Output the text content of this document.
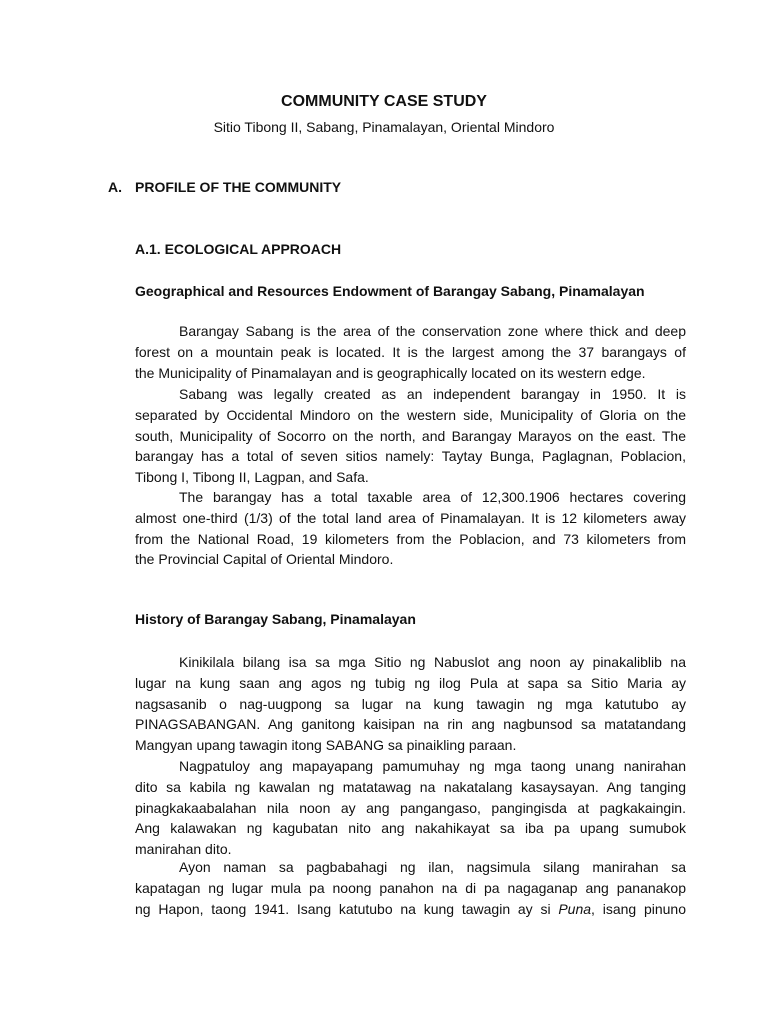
COMMUNITY CASE STUDY
Sitio Tibong II, Sabang, Pinamalayan, Oriental Mindoro
A. PROFILE OF THE COMMUNITY
A.1. ECOLOGICAL APPROACH
Geographical and Resources Endowment of Barangay Sabang, Pinamalayan
Barangay Sabang is the area of the conservation zone where thick and deep
forest on a mountain peak is located. It is the largest among the 37 barangays of
the Municipality of Pinamalayan and is geographically located on its western edge.
Sabang was legally created as an independent barangay in 1950. It is
separated by Occidental Mindoro on the western side, Municipality of Gloria on the
south, Municipality of Socorro on the north, and Barangay Marayos on the east. The
barangay has a total of seven sitios namely: Taytay Bunga, Paglagnan, Poblacion,
Tibong I, Tibong II, Lagpan, and Safa.
The barangay has a total taxable area of 12,300.1906 hectares covering
almost one-third (1/3) of the total land area of Pinamalayan. It is 12 kilometers away
from the National Road, 19 kilometers from the Poblacion, and 73 kilometers from
the Provincial Capital of Oriental Mindoro.
History of Barangay Sabang, Pinamalayan
Kinikilala bilang isa sa mga Sitio ng Nabuslot ang noon ay pinakaliblib na
lugar na kung saan ang agos ng tubig ng ilog Pula at sapa sa Sitio Maria ay
nagsasanib o nag-uugpong sa lugar na kung tawagin ng mga katutubo ay
PINAGSABANGAN. Ang ganitong kaisipan na rin ang nagbunsod sa matatandang
Mangyan upang tawagin itong SABANG sa pinaikling paraan.
Nagpatuloy ang mapayapang pamumuhay ng mga taong unang nanirahan
dito sa kabila ng kawalan ng matatawag na nakatalang kasaysayan. Ang tanging
pinagkakaabalahan nila noon ay ang pangangaso, pangingisda at pagkakaingin.
Ang kalawakan ng kagubatan nito ang nakahikayat sa iba pa upang sumubok
manirahan dito.
Ayon naman sa pagbabahagi ng ilan, nagsimula silang manirahan sa
kapatagan ng lugar mula pa noong panahon na di pa nagaganap ang pananakop
ng Hapon, taong 1941. Isang katutubo na kung tawagin ay si Puna, isang pinuno
